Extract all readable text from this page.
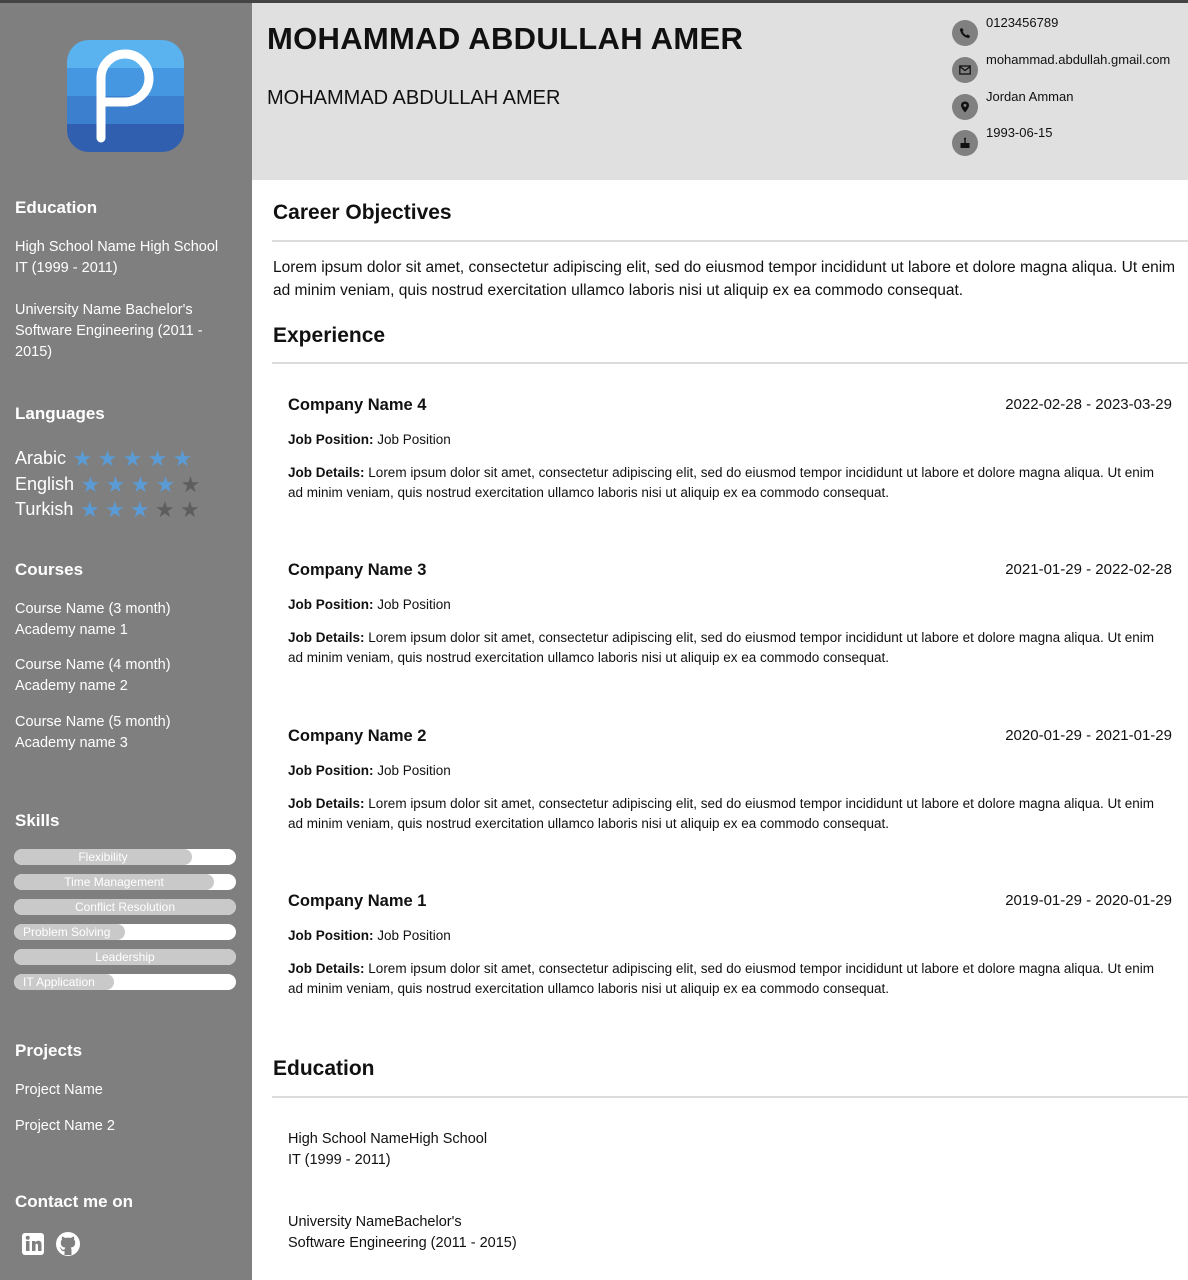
Education
High School Name High School
IT (1999 - 2011)
University Name Bachelor's
Software Engineering (2011 -
2015)
Languages
Arabic ★ ★ ★ ★ ★
English ★ ★ ★ ★ ★
Turkish ★ ★ ★ ★ ★
Courses
Course Name (3 month)
Academy name 1
Course Name (4 month)
Academy name 2
Course Name (5 month)
Academy name 3
Skills
Flexibility
Time Management
Conflict Resolution
Problem Solving
Leadership
IT Application
Projects
Project Name
Project Name 2
Contact me on
MOHAMMAD ABDULLAH AMER
MOHAMMAD ABDULLAH AMER
0123456789
mohammad.abdullah.gmail.com
Jordan Amman
1993-06-15
Career Objectives
Lorem ipsum dolor sit amet, consectetur adipiscing elit, sed do eiusmod tempor incididunt ut labore et dolore magna aliqua. Ut enim ad minim veniam, quis nostrud exercitation ullamco laboris nisi ut aliquip ex ea commodo consequat.
Experience
Company Name 4	2022-02-28 - 2023-03-29
Job Position: Job Position
Job Details: Lorem ipsum dolor sit amet, consectetur adipiscing elit, sed do eiusmod tempor incididunt ut labore et dolore magna aliqua. Ut enim ad minim veniam, quis nostrud exercitation ullamco laboris nisi ut aliquip ex ea commodo consequat.
Company Name 3	2021-01-29 - 2022-02-28
Job Position: Job Position
Job Details: Lorem ipsum dolor sit amet, consectetur adipiscing elit, sed do eiusmod tempor incididunt ut labore et dolore magna aliqua. Ut enim ad minim veniam, quis nostrud exercitation ullamco laboris nisi ut aliquip ex ea commodo consequat.
Company Name 2	2020-01-29 - 2021-01-29
Job Position: Job Position
Job Details: Lorem ipsum dolor sit amet, consectetur adipiscing elit, sed do eiusmod tempor incididunt ut labore et dolore magna aliqua. Ut enim ad minim veniam, quis nostrud exercitation ullamco laboris nisi ut aliquip ex ea commodo consequat.
Company Name 1	2019-01-29 - 2020-01-29
Job Position: Job Position
Job Details: Lorem ipsum dolor sit amet, consectetur adipiscing elit, sed do eiusmod tempor incididunt ut labore et dolore magna aliqua. Ut enim ad minim veniam, quis nostrud exercitation ullamco laboris nisi ut aliquip ex ea commodo consequat.
Education
High School NameHigh School
IT (1999 - 2011)
University NameBachelor's
Software Engineering (2011 - 2015)
